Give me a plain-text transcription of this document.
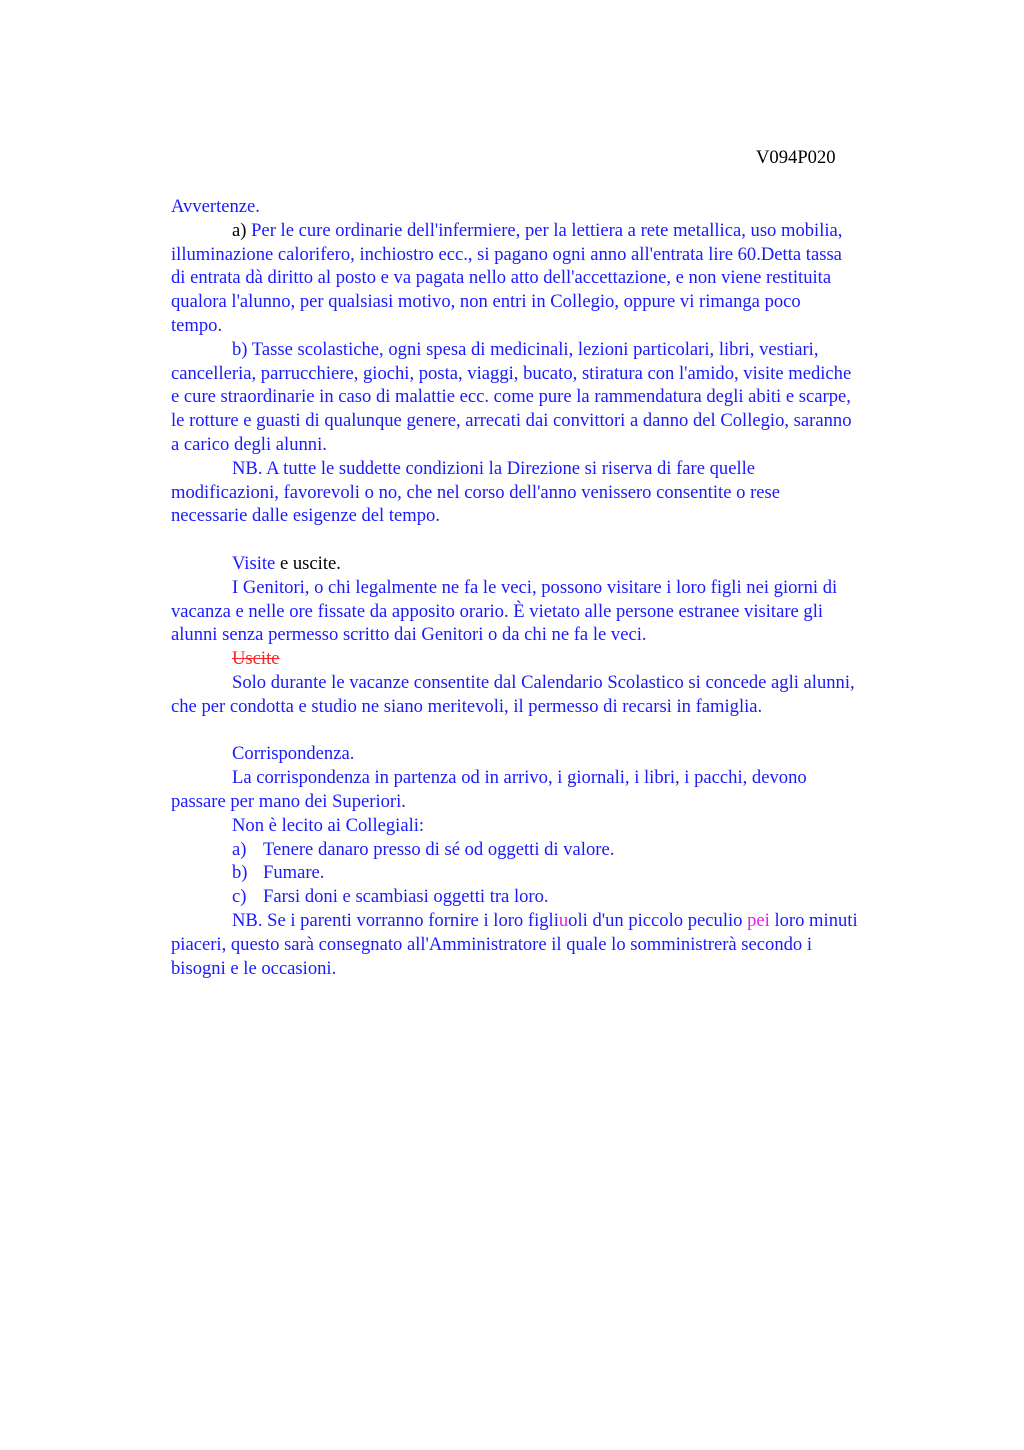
V094P020
Avvertenze.
a) Per le cure ordinarie dell'infermiere, per la lettiera a rete metallica, uso mobilia,
illuminazione calorifero, inchiostro ecc., si pagano ogni anno all'entrata lire 60.Detta tassa
di entrata dà diritto al posto e va pagata nello atto dell'accettazione, e non viene restituita
qualora l'alunno, per qualsiasi motivo, non entri in Collegio, oppure vi rimanga poco
tempo.
b) Tasse scolastiche, ogni spesa di medicinali, lezioni particolari, libri, vestiari,
cancelleria, parrucchiere, giochi, posta, viaggi, bucato, stiratura con l'amido, visite mediche
e cure straordinarie in caso di malattie ecc. come pure la rammendatura degli abiti e scarpe,
le rotture e guasti di qualunque genere, arrecati dai convittori a danno del Collegio, saranno
a carico degli alunni.
NB. A tutte le suddette condizioni la Direzione si riserva di fare quelle
modificazioni, favorevoli o no, che nel corso dell'anno venissero consentite o rese
necessarie dalle esigenze del tempo.
Visite e uscite.
I Genitori, o chi legalmente ne fa le veci, possono visitare i loro figli nei giorni di
vacanza e nelle ore fissate da apposito orario. È vietato alle persone estranee visitare gli
alunni senza permesso scritto dai Genitori o da chi ne fa le veci.
Uscite
Solo durante le vacanze consentite dal Calendario Scolastico si concede agli alunni,
che per condotta e studio ne siano meritevoli, il permesso di recarsi in famiglia.
Corrispondenza.
La corrispondenza in partenza od in arrivo, i giornali, i libri, i pacchi, devono
passare per mano dei Superiori.
Non è lecito ai Collegiali:
a) Tenere danaro presso di sé od oggetti di valore.
b) Fumare.
c) Farsi doni e scambiasi oggetti tra loro.
NB. Se i parenti vorranno fornire i loro figliuoli d'un piccolo peculio pei loro minuti
piaceri, questo sarà consegnato all'Amministratore il quale lo somministrerà secondo i
bisogni e le occasioni.
